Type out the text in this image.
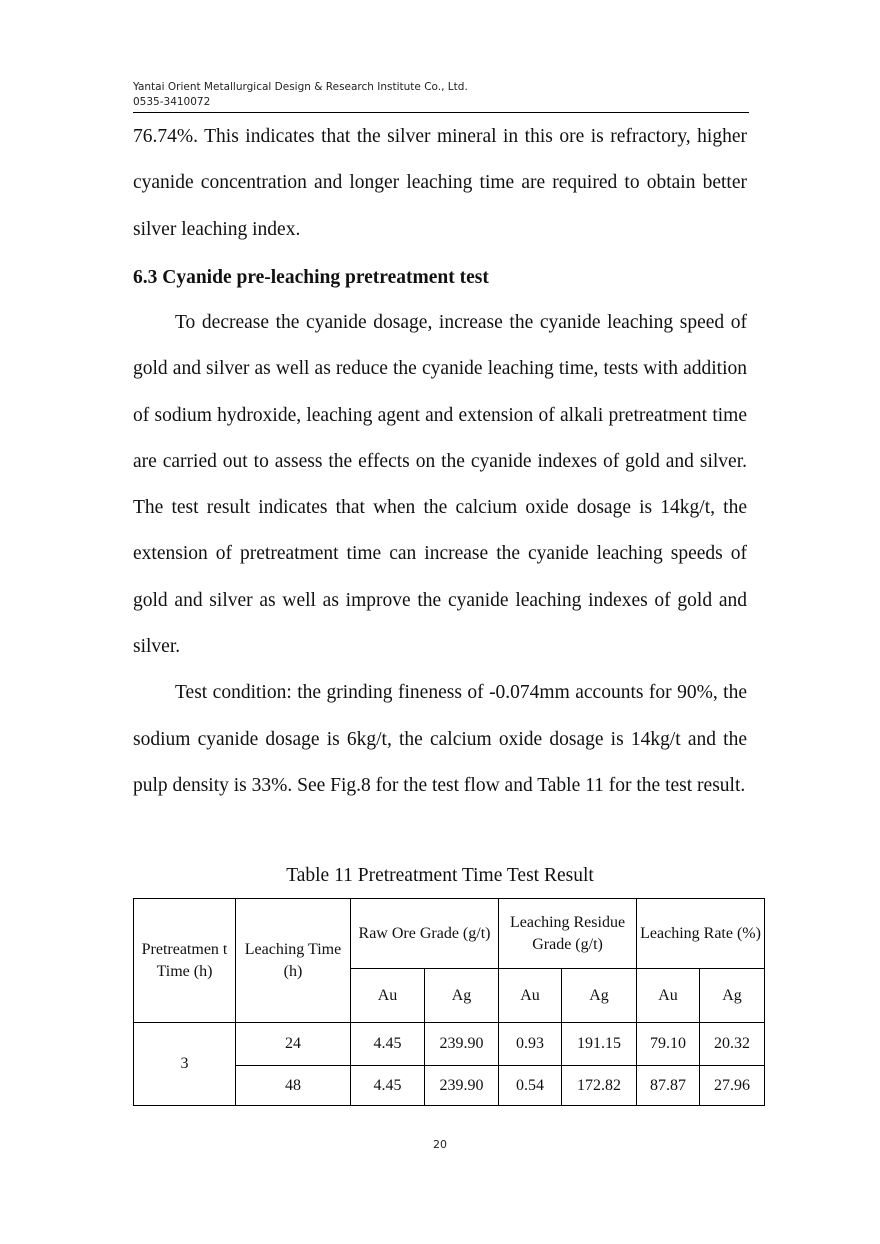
Yantai Orient Metallurgical Design & Research Institute Co., Ltd.
0535-3410072

76.74%. This indicates that the silver mineral in this ore is refractory, higher cyanide concentration and longer leaching time are required to obtain better silver leaching index.

6.3 Cyanide pre-leaching pretreatment test

To decrease the cyanide dosage, increase the cyanide leaching speed of gold and silver as well as reduce the cyanide leaching time, tests with addition of sodium hydroxide, leaching agent and extension of alkali pretreatment time are carried out to assess the effects on the cyanide indexes of gold and silver. The test result indicates that when the calcium oxide dosage is 14kg/t, the extension of pretreatment time can increase the cyanide leaching speeds of gold and silver as well as improve the cyanide leaching indexes of gold and silver.

Test condition: the grinding fineness of -0.074mm accounts for 90%, the sodium cyanide dosage is 6kg/t, the calcium oxide dosage is 14kg/t and the pulp density is 33%. See Fig.8 for the test flow and Table 11 for the test result.

Table 11 Pretreatment Time Test Result
Pretreatmen t Time (h)	Leaching Time (h)	Raw Ore Grade (g/t)		Leaching Residue Grade (g/t)		Leaching Rate (%)	
		Au	Ag	Au	Ag	Au	Ag
3	24	4.45	239.90	0.93	191.15	79.10	20.32
	48	4.45	239.90	0.54	172.82	87.87	27.96
20
